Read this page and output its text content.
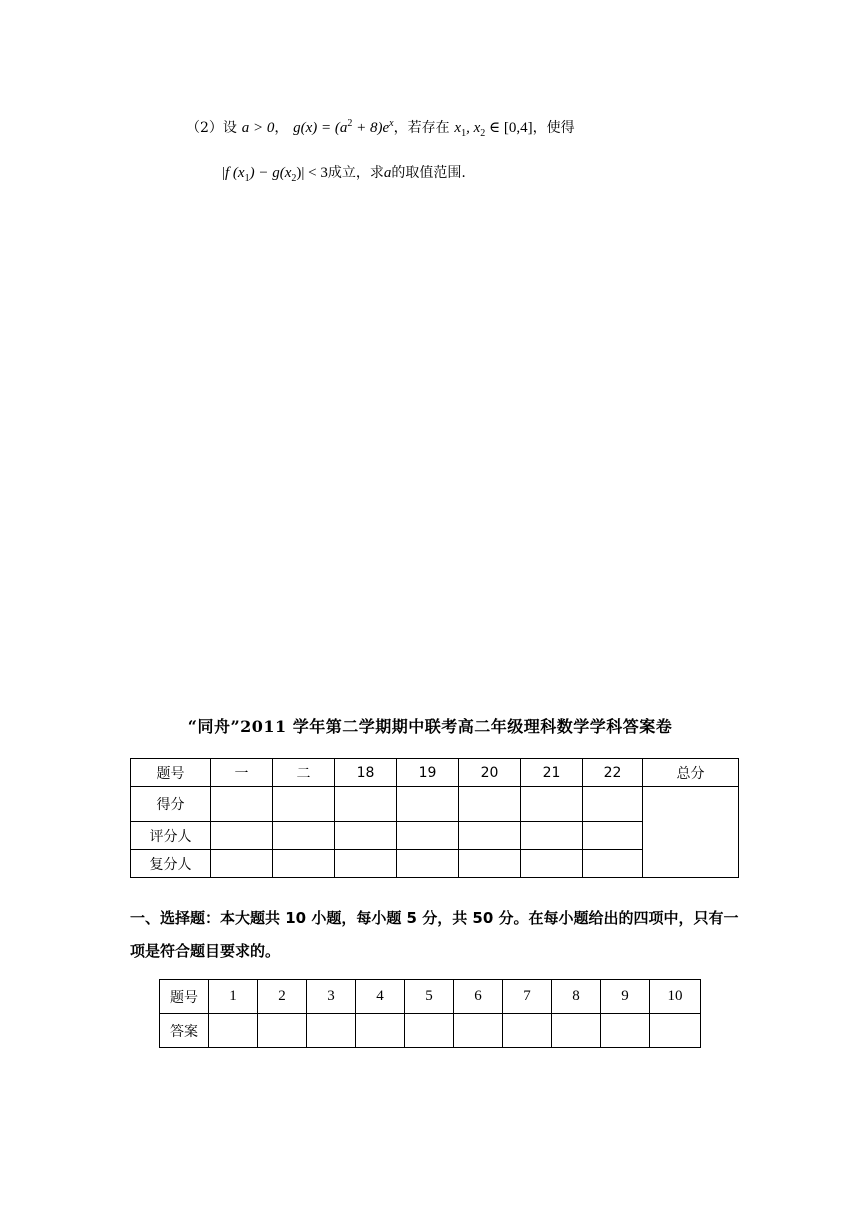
（2）设 a > 0， $g(x) = (a^2 + 8)e^x$，若存在 $x_1$, $x_2$ ∈ [0,4]，使得
|f $(x_1) - g(x_2)| < 3$成立，求a的取值范围.
“同舟”2011 学年第二学期期中联考高二年级理科数学学科答案卷
题号	一	二	18	19	20	21	22	总分
得分								
评分人								
复分人								
一、选择题：本大题共 10 小题，每小题 5 分，共 50 分。在每小题给出的四项中，只有一项是符合题目要求的。
题号	1	2	3	4	5	6	7	8	9	10
答案										
